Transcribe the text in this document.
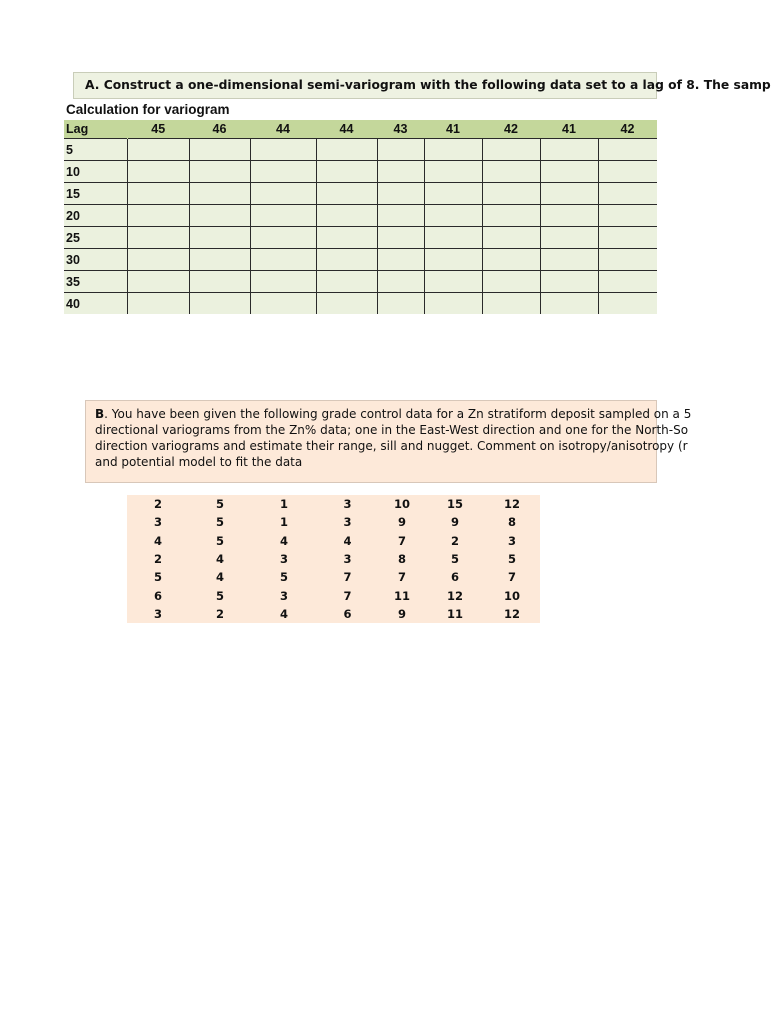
A. Construct a one-dimensional semi-variogram with the following data set to a lag of 8. The samp
Calculation for variogram
Lag	45	46	44	44	43	41	42	41	42
5									
10									
15									
20									
25									
30									
35									
40									
B. You have been given the following grade control data for a Zn stratiform deposit sampled on a 5
directional variograms from the Zn% data; one in the East-West direction and one for the North-So
direction variograms and estimate their range, sill and nugget. Comment on isotropy/anisotropy (r
and potential model to fit the data
2	5	1	3	10	15	12
3	5	1	3	9	9	8
4	5	4	4	7	2	3
2	4	3	3	8	5	5
5	4	5	7	7	6	7
6	5	3	7	11	12	10
3	2	4	6	9	11	12
